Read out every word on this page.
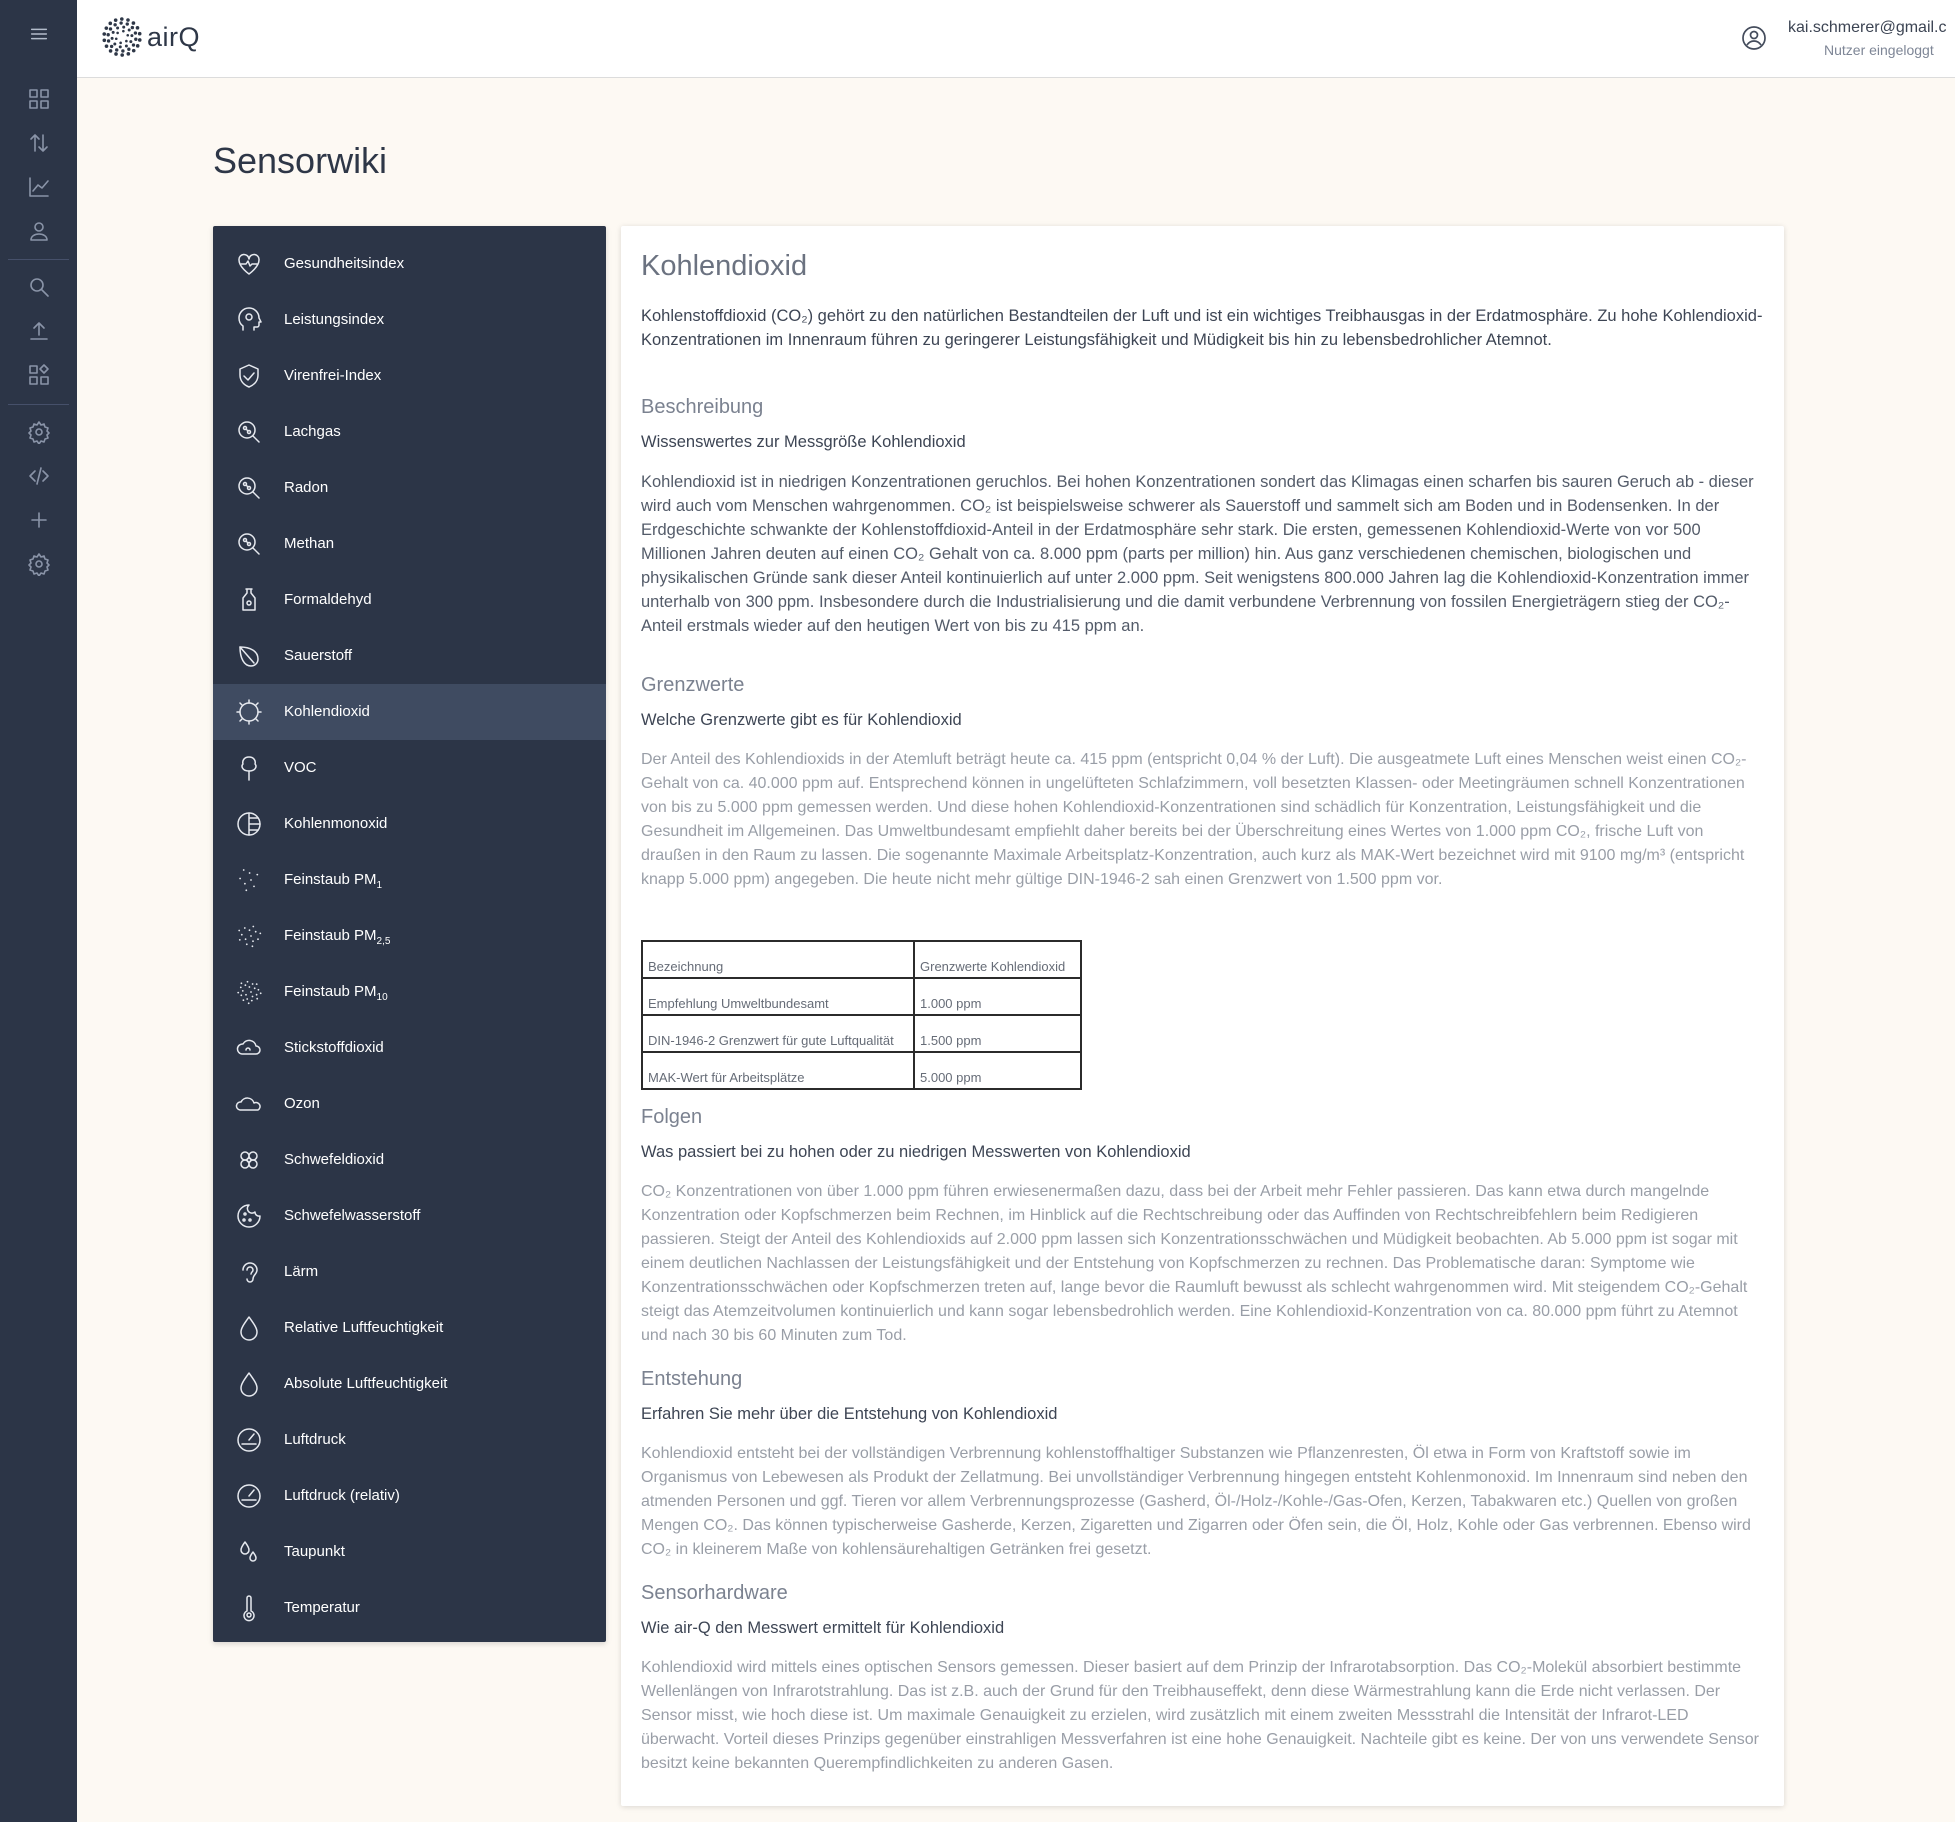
airQ	kai.schmerer@gmail.c
Nutzer eingeloggt
Sensorwiki
Gesundheitsindex
Leistungsindex
Virenfrei-Index
Lachgas
Radon
Methan
Formaldehyd
Sauerstoff
Kohlendioxid
VOC
Kohlenmonoxid
Feinstaub $PM_1$
Feinstaub $PM_{2,5}$
Feinstaub $PM_{10}$
Stickstoffdioxid
Ozon
Schwefeldioxid
Schwefelwasserstoff
Lärm
Relative Luftfeuchtigkeit
Absolute Luftfeuchtigkeit
Luftdruck
Luftdruck (relativ)
Taupunkt
Temperatur
Kohlendioxid

Kohlenstoffdioxid (CO₂) gehört zu den natürlichen Bestandteilen der Luft und ist ein wichtiges Treibhausgas in der Erdatmosphäre. Zu hohe Kohlendioxid-Konzentrationen im Innenraum führen zu geringerer Leistungsfähigkeit und Müdigkeit bis hin zu lebensbedrohlicher Atemnot.

Beschreibung
Wissenswertes zur Messgröße Kohlendioxid

Kohlendioxid ist in niedrigen Konzentrationen geruchlos. Bei hohen Konzentrationen sondert das Klimagas einen scharfen bis sauren Geruch ab - dieser wird auch vom Menschen wahrgenommen. CO₂ ist beispielsweise schwerer als Sauerstoff und sammelt sich am Boden und in Bodensenken. In der Erdgeschichte schwankte der Kohlenstoffdioxid-Anteil in der Erdatmosphäre sehr stark. Die ersten, gemessenen Kohlendioxid-Werte von vor 500 Millionen Jahren deuten auf einen CO₂ Gehalt von ca. 8.000 ppm (parts per million) hin. Aus ganz verschiedenen chemischen, biologischen und physikalischen Gründe sank dieser Anteil kontinuierlich auf unter 2.000 ppm. Seit wenigstens 800.000 Jahren lag die Kohlendioxid-Konzentration immer unterhalb von 300 ppm. Insbesondere durch die Industrialisierung und die damit verbundene Verbrennung von fossilen Energieträgern stieg der CO₂-Anteil erstmals wieder auf den heutigen Wert von bis zu 415 ppm an.

Grenzwerte
Welche Grenzwerte gibt es für Kohlendioxid

Der Anteil des Kohlendioxids in der Atemluft beträgt heute ca. 415 ppm (entspricht 0,04 % der Luft). Die ausgeatmete Luft eines Menschen weist einen CO₂-Gehalt von ca. 40.000 ppm auf. Entsprechend können in ungelüfteten Schlafzimmern, voll besetzten Klassen- oder Meetingräumen schnell Konzentrationen von bis zu 5.000 ppm gemessen werden. Und diese hohen Kohlendioxid-Konzentrationen sind schädlich für Konzentration, Leistungsfähigkeit und die Gesundheit im Allgemeinen. Das Umweltbundesamt empfiehlt daher bereits bei der Überschreitung eines Wertes von 1.000 ppm CO₂, frische Luft von draußen in den Raum zu lassen. Die sogenannte Maximale Arbeitsplatz-Konzentration, auch kurz als MAK-Wert bezeichnet wird mit 9100 mg/m³ (entspricht knapp 5.000 ppm) angegeben. Die heute nicht mehr gültige DIN-1946-2 sah einen Grenzwert von 1.500 ppm vor.

Bezeichnung	Grenzwerte Kohlendioxid
Empfehlung Umweltbundesamt	1.000 ppm
DIN-1946-2 Grenzwert für gute Luftqualität	1.500 ppm
MAK-Wert für Arbeitsplätze	5.000 ppm
Folgen
Was passiert bei zu hohen oder zu niedrigen Messwerten von Kohlendioxid

CO₂ Konzentrationen von über 1.000 ppm führen erwiesenermaßen dazu, dass bei der Arbeit mehr Fehler passieren. Das kann etwa durch mangelnde Konzentration oder Kopfschmerzen beim Rechnen, im Hinblick auf die Rechtschreibung oder das Auffinden von Rechtschreibfehlern beim Redigieren passieren. Steigt der Anteil des Kohlendioxids auf 2.000 ppm lassen sich Konzentrationsschwächen und Müdigkeit beobachten. Ab 5.000 ppm ist sogar mit einem deutlichen Nachlassen der Leistungsfähigkeit und der Entstehung von Kopfschmerzen zu rechnen. Das Problematische daran: Symptome wie Konzentrationsschwächen oder Kopfschmerzen treten auf, lange bevor die Raumluft bewusst als schlecht wahrgenommen wird. Mit steigendem CO₂-Gehalt steigt das Atemzeitvolumen kontinuierlich und kann sogar lebensbedrohlich werden. Eine Kohlendioxid-Konzentration von ca. 80.000 ppm führt zu Atemnot und nach 30 bis 60 Minuten zum Tod.

Entstehung
Erfahren Sie mehr über die Entstehung von Kohlendioxid

Kohlendioxid entsteht bei der vollständigen Verbrennung kohlenstoffhaltiger Substanzen wie Pflanzenresten, Öl etwa in Form von Kraftstoff sowie im Organismus von Lebewesen als Produkt der Zellatmung. Bei unvollständiger Verbrennung hingegen entsteht Kohlenmonoxid. Im Innenraum sind neben den atmenden Personen und ggf. Tieren vor allem Verbrennungsprozesse (Gasherd, Öl-/Holz-/Kohle-/Gas-Ofen, Kerzen, Tabakwaren etc.) Quellen von großen Mengen CO₂. Das können typischerweise Gasherde, Kerzen, Zigaretten und Zigarren oder Öfen sein, die Öl, Holz, Kohle oder Gas verbrennen. Ebenso wird CO₂ in kleinerem Maße von kohlensäurehaltigen Getränken frei gesetzt.

Sensorhardware
Wie air-Q den Messwert ermittelt für Kohlendioxid

Kohlendioxid wird mittels eines optischen Sensors gemessen. Dieser basiert auf dem Prinzip der Infrarotabsorption. Das CO₂-Molekül absorbiert bestimmte Wellenlängen von Infrarotstrahlung. Das ist z.B. auch der Grund für den Treibhauseffekt, denn diese Wärmestrahlung kann die Erde nicht verlassen. Der Sensor misst, wie hoch diese ist. Um maximale Genauigkeit zu erzielen, wird zusätzlich mit einem zweiten Messstrahl die Intensität der Infrarot-LED überwacht. Vorteil dieses Prinzips gegenüber einstrahligen Messverfahren ist eine hohe Genauigkeit. Nachteile gibt es keine. Der von uns verwendete Sensor besitzt keine bekannten Querempfindlichkeiten zu anderen Gasen.
